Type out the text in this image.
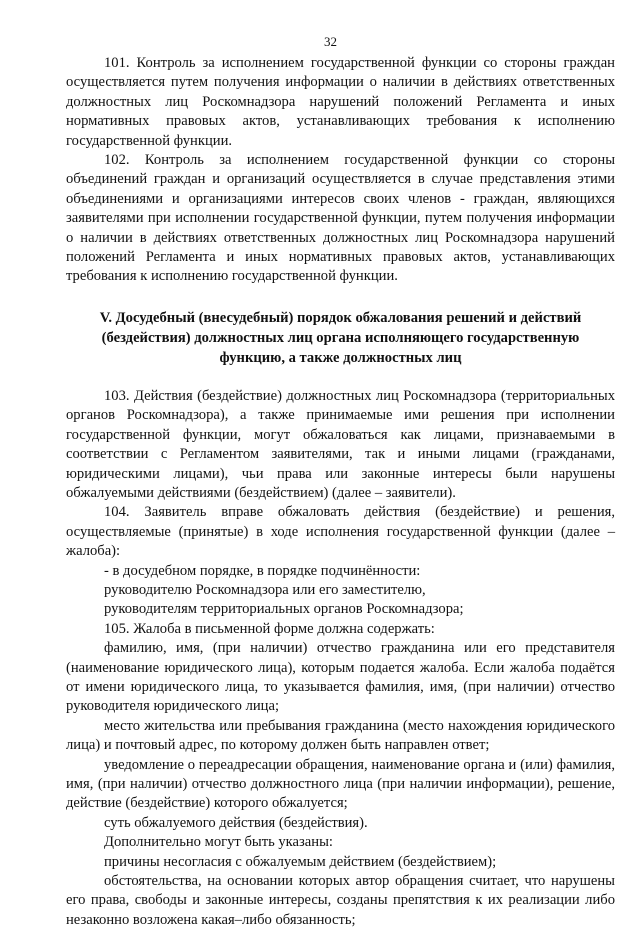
32

101. Контроль за исполнением государственной функции со стороны граждан осуществляется путем получения информации о наличии в действиях ответственных должностных лиц Роскомнадзора нарушений положений Регламента и иных нормативных правовых актов, устанавливающих требования к исполнению государственной функции.

102. Контроль за исполнением государственной функции со стороны объединений граждан и организаций осуществляется в случае представления этими объединениями и организациями интересов своих членов - граждан, являющихся заявителями при исполнении государственной функции, путем получения информации о наличии в действиях ответственных должностных лиц Роскомнадзора нарушений положений Регламента и иных нормативных правовых актов, устанавливающих требования к исполнению государственной функции.

V. Досудебный (внесудебный) порядок обжалования решений и действий (бездействия) должностных лиц органа исполняющего государственную функцию, а также должностных лиц

103. Действия (бездействие) должностных лиц Роскомнадзора (территориальных органов Роскомнадзора), а также принимаемые ими решения при исполнении государственной функции, могут обжаловаться как лицами, признаваемыми в соответствии с Регламентом заявителями, так и иными лицами (гражданами, юридическими лицами), чьи права или законные интересы были нарушены обжалуемыми действиями (бездействием) (далее – заявители).

104. Заявитель вправе обжаловать действия (бездействие) и решения, осуществляемые (принятые) в ходе исполнения государственной функции (далее – жалоба):

- в досудебном порядке, в порядке подчинённости:

руководителю Роскомнадзора или его заместителю,

руководителям территориальных органов Роскомнадзора;

105. Жалоба в письменной форме должна содержать:

фамилию, имя, (при наличии) отчество гражданина или его представителя (наименование юридического лица), которым подается жалоба. Если жалоба подаётся от имени юридического лица, то указывается фамилия, имя, (при наличии) отчество руководителя юридического лица;

место жительства или пребывания гражданина (место нахождения юридического лица) и почтовый адрес, по которому должен быть направлен ответ;

уведомление о переадресации обращения, наименование органа и (или) фамилия, имя, (при наличии) отчество должностного лица (при наличии информации), решение, действие (бездействие) которого обжалуется;

суть обжалуемого действия (бездействия).

Дополнительно могут быть указаны:

причины несогласия с обжалуемым действием (бездействием);

обстоятельства, на основании которых автор обращения считает, что нарушены его права, свободы и законные интересы, созданы препятствия к их реализации либо незаконно возложена какая–либо обязанность;
